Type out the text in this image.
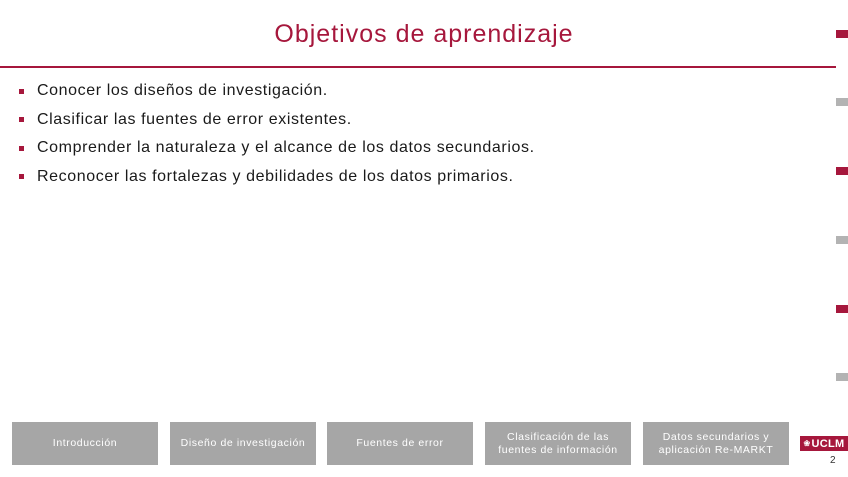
Objetivos de aprendizaje
Conocer los diseños de investigación.
Clasificar las fuentes de error existentes.
Comprender la naturaleza y el alcance de los datos secundarios.
Reconocer las fortalezas y debilidades de los datos primarios.
Introducción	Diseño de investigación	Fuentes de error
Clasificación de las fuentes de información
Datos secundarios y aplicación Re-MARKT	❀ UCLM
2
